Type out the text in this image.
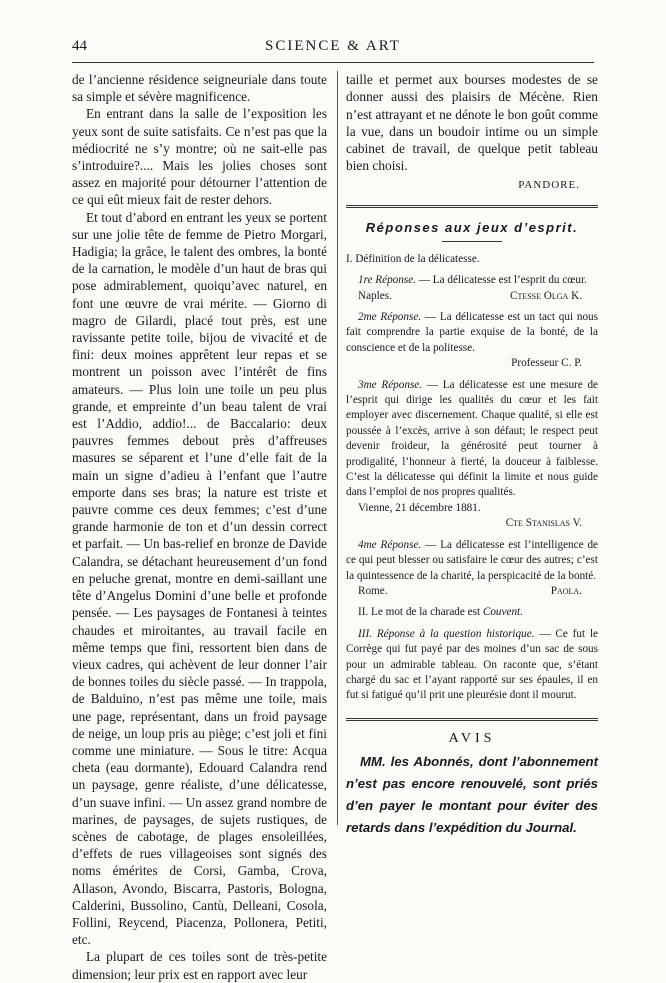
44	SCIENCE & ART

de l’ancienne résidence seigneuriale dans toute sa simple et sévère magnificence.

En entrant dans la salle de l’exposition les yeux sont de suite satisfaits. Ce n’est pas que la médiocrité ne s’y montre; où ne sait-elle pas s’introduire?.... Mais les jolies choses sont assez en majorité pour détourner l’attention de ce qui eût mieux fait de rester dehors.

Et tout d’abord en entrant les yeux se portent sur une jolie tête de femme de Pietro Morgari, Hadigia; la grâce, le talent des ombres, la bonté de la carnation, le modèle d’un haut de bras qui pose admirablement, quoiqu’avec naturel, en font une œuvre de vrai mérite. — Giorno di magro de Gilardi, placé tout près, est une ravissante petite toile, bijou de vivacité et de fini: deux moines apprêtent leur repas et se montrent un poisson avec l’intérêt de fins amateurs. — Plus loin une toile un peu plus grande, et empreinte d’un beau talent de vrai est l’Addio, addio!... de Baccalario: deux pauvres femmes debout près d’affreuses masures se séparent et l’une d’elle fait de la main un signe d’adieu à l’enfant que l’autre emporte dans ses bras; la nature est triste et pauvre comme ces deux femmes; c’est d’une grande harmonie de ton et d’un dessin correct et parfait. — Un bas-relief en bronze de Davide Calandra, se détachant heureusement d’un fond en peluche grenat, montre en demi-saillant une tête d’Angelus Domini d’une belle et profonde pensée. — Les paysages de Fontanesi à teintes chaudes et miroitantes, au travail facile en même temps que fini, ressortent bien dans de vieux cadres, qui achèvent de leur donner l’air de bonnes toiles du siècle passé. — In trappola, de Balduino, n’est pas même une toile, mais une page, représentant, dans un froid paysage de neige, un loup pris au piège; c’est joli et fini comme une miniature. — Sous le titre: Acqua cheta (eau dormante), Edouard Calandra rend un paysage, genre réaliste, d’une délicatesse, d’un suave infini. — Un assez grand nombre de marines, de paysages, de sujets rustiques, de scènes de cabotage, de plages ensoleillées, d’effets de rues villageoises sont signés des noms émérites de Corsi, Gamba, Crova, Allason, Avondo, Biscarra, Pastoris, Bologna, Calderini, Bussolino, Cantù, Delleani, Cosola, Follini, Reycend, Piacenza, Pollonera, Petiti, etc.

La plupart de ces toiles sont de très-petite dimension; leur prix est en rapport avec leur

taille et permet aux bourses modestes de se donner aussi des plaisirs de Mécène. Rien n’est attrayant et ne dénote le bon goût comme la vue, dans un boudoir intime ou un simple cabinet de travail, de quelque petit tableau bien choisi.

PANDORE.
Réponses aux jeux d’esprit.

I. Définition de la délicatesse.

1re Réponse. — La délicatesse est l’esprit du cœur.

Naples.	Ctesse Olga K.

2me Réponse. — La délicatesse est un tact qui nous fait comprendre la partie exquise de la bonté, de la conscience et de la politesse.

Professeur C. P.

3me Réponse. — La délicatesse est une mesure de l’esprit qui dirige les qualités du cœur et les fait employer avec discernement. Chaque qualité, si elle est poussée à l’excès, arrive à son défaut; le respect peut devenir froideur, la générosité peut tourner à prodigalité, l’honneur à fierté, la douceur à faiblesse. C’est la délicatesse qui définit la limite et nous guide dans l’emploi de nos propres qualités.

Vienne, 21 décembre 1881.

Cte Stanislas V.

4me Réponse. — La délicatesse est l’intelligence de ce qui peut blesser ou satisfaire le cœur des autres; c’est la quintessence de la charité, la perspicacité de la bonté.

Rome.	Paola.

II. Le mot de la charade est Couvent.

III. Réponse à la question historique. — Ce fut le Corrège qui fut payé par des moines d’un sac de sous pour un admirable tableau. On raconte que, s’étant chargé du sac et l’ayant rapporté sur ses épaules, il en fut si fatigué qu’il prit une pleurésie dont il mourut.

AVIS

MM. les Abonnés, dont l’abonnement n’est pas encore renouvelé, sont priés d’en payer le montant pour éviter des retards dans l’expédition du Journal.
